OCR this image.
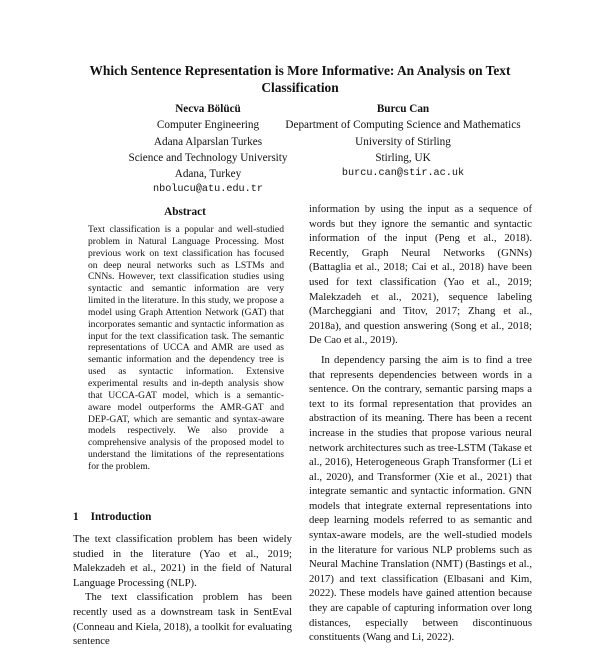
Which Sentence Representation is More Informative: An Analysis on Text Classification
Necva Bölücü
Computer Engineering
Adana Alparslan Turkes
Science and Technology University
Adana, Turkey
nbolucu@atu.edu.tr
Burcu Can
Department of Computing Science and Mathematics
University of Stirling
Stirling, UK
burcu.can@stir.ac.uk
Abstract
Text classification is a popular and well-studied problem in Natural Language Processing. Most previous work on text classification has focused on deep neural networks such as LSTMs and CNNs. However, text classification studies using syntactic and semantic information are very limited in the literature. In this study, we propose a model using Graph Attention Network (GAT) that incorporates semantic and syntactic information as input for the text classification task. The semantic representations of UCCA and AMR are used as semantic information and the dependency tree is used as syntactic information. Extensive experimental results and in-depth analysis show that UCCA-GAT model, which is a semantic-aware model outperforms the AMR-GAT and DEP-GAT, which are semantic and syntax-aware models respectively. We also provide a comprehensive analysis of the proposed model to understand the limitations of the representations for the problem.
1 Introduction

The text classification problem has been widely studied in the literature (Yao et al., 2019; Malekzadeh et al., 2021) in the field of Natural Language Processing (NLP).

The text classification problem has been recently used as a downstream task in SentEval (Conneau and Kiela, 2018), a toolkit for evaluating sentence

information by using the input as a sequence of words but they ignore the semantic and syntactic information of the input (Peng et al., 2018). Recently, Graph Neural Networks (GNNs) (Battaglia et al., 2018; Cai et al., 2018) have been used for text classification (Yao et al., 2019; Malekzadeh et al., 2021), sequence labeling (Marcheggiani and Titov, 2017; Zhang et al., 2018a), and question answering (Song et al., 2018; De Cao et al., 2019).

In dependency parsing the aim is to find a tree that represents dependencies between words in a sentence. On the contrary, semantic parsing maps a text to its formal representation that provides an abstraction of its meaning. There has been a recent increase in the studies that propose various neural network architectures such as tree-LSTM (Takase et al., 2016), Heterogeneous Graph Transformer (Li et al., 2020), and Transformer (Xie et al., 2021) that integrate semantic and syntactic information. GNN models that integrate external representations into deep learning models referred to as semantic and syntax-aware models, are the well-studied models in the literature for various NLP problems such as Neural Machine Translation (NMT) (Bastings et al., 2017) and text classification (Elbasani and Kim, 2022). These models have gained attention because they are capable of capturing information over long distances, especially between discontinuous constituents (Wang and Li, 2022).
